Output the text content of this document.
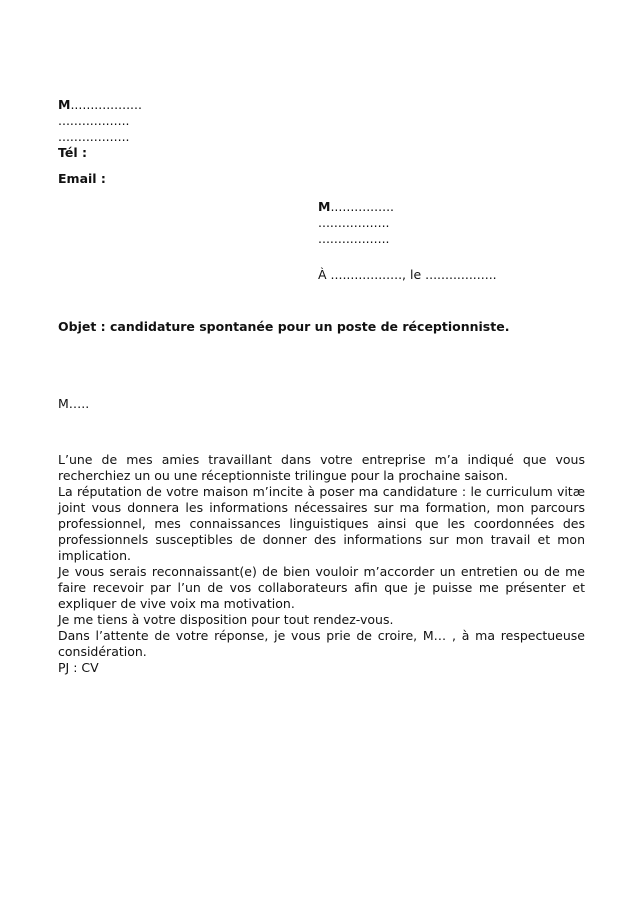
M..................
..................
..................
Tél :
Email :
M................
..................
..................
À .................., le ..................
Objet : candidature spontanée pour un poste de réceptionniste.
M…..

L’une de mes amies travaillant dans votre entreprise m’a indiqué que vous recherchiez un ou une réceptionniste trilingue pour la prochaine saison.

La réputation de votre maison m’incite à poser ma candidature : le curriculum vitæ joint vous donnera les informations nécessaires sur ma formation, mon parcours professionnel, mes connaissances linguistiques ainsi que les coordonnées des professionnels susceptibles de donner des informations sur mon travail et mon implication.

Je vous serais reconnaissant(e) de bien vouloir m’accorder un entretien ou de me faire recevoir par l’un de vos collaborateurs afin que je puisse me présenter et expliquer de vive voix ma motivation.

Je me tiens à votre disposition pour tout rendez-vous.

Dans l’attente de votre réponse, je vous prie de croire, M… , à ma respectueuse considération.

PJ : CV
